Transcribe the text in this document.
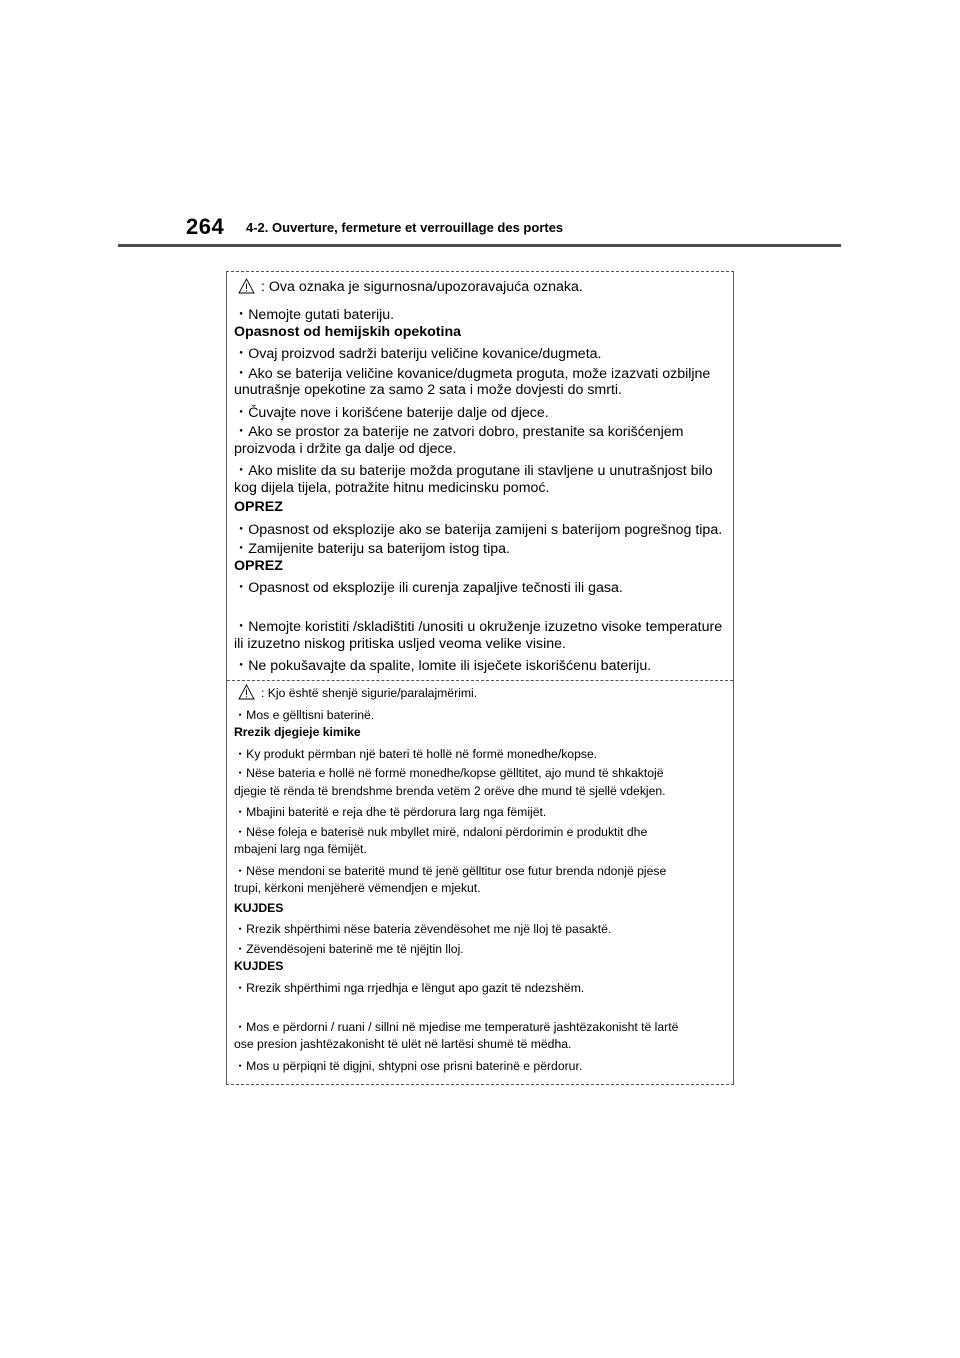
264 4-2. Ouverture, fermeture et verrouillage des portes
: Ova oznaka je sigurnosna/upozoravajuća oznaka.
・Nemojte gutati bateriju.
Opasnost od hemijskih opekotina
・Ovaj proizvod sadrži bateriju veličine kovanice/dugmeta.
・Ako se baterija veličine kovanice/dugmeta proguta, može izazvati ozbiljne
unutrašnje opekotine za samo 2 sata i može dovjesti do smrti.
・Čuvajte nove i korišćene baterije dalje od djece.
・Ako se prostor za baterije ne zatvori dobro, prestanite sa korišćenjem
proizvoda i držite ga dalje od djece.
・Ako mislite da su baterije možda progutane ili stavljene u unutrašnjost bilo
kog dijela tijela, potražite hitnu medicinsku pomoć.
OPREZ
・Opasnost od eksplozije ako se baterija zamijeni s baterijom pogrešnog tipa.
・Zamijenite bateriju sa baterijom istog tipa.
OPREZ
・Opasnost od eksplozije ili curenja zapaljive tečnosti ili gasa.
・Nemojte koristiti /skladištiti /unositi u okruženje izuzetno visoke temperature
ili izuzetno niskog pritiska usljed veoma velike visine.
・Ne pokušavajte da spalite, lomite ili isječete iskorišćenu bateriju.
: Kjo është shenjë sigurie/paralajmërimi.
・Mos e gëlltisni baterinë.
Rrezik djegieje kimike
・Ky produkt përmban një bateri të hollë në formë monedhe/kopse.
・Nëse bateria e hollë në formë monedhe/kopse gëlltitet, ajo mund të shkaktojë
djegie të rënda të brendshme brenda vetëm 2 orëve dhe mund të sjellë vdekjen.
・Mbajini bateritë e reja dhe të përdorura larg nga fëmijët.
・Nëse foleja e baterisë nuk mbyllet mirë, ndaloni përdorimin e produktit dhe
mbajeni larg nga fëmijët.
・Nëse mendoni se bateritë mund të jenë gëlltitur ose futur brenda ndonjë pjese
trupi, kërkoni menjëherë vëmendjen e mjekut.
KUJDES
・Rrezik shpërthimi nëse bateria zëvendësohet me një lloj të pasaktë.
・Zëvendësojeni baterinë me të njëjtin lloj.
KUJDES
・Rrezik shpërthimi nga rrjedhja e lëngut apo gazit të ndezshëm.
・Mos e përdorni / ruani / sillni në mjedise me temperaturë jashtëzakonisht të lartë
ose presion jashtëzakonisht të ulët në lartësi shumë të mëdha.
・Mos u përpiqni të digjni, shtypni ose prisni baterinë e përdorur.
